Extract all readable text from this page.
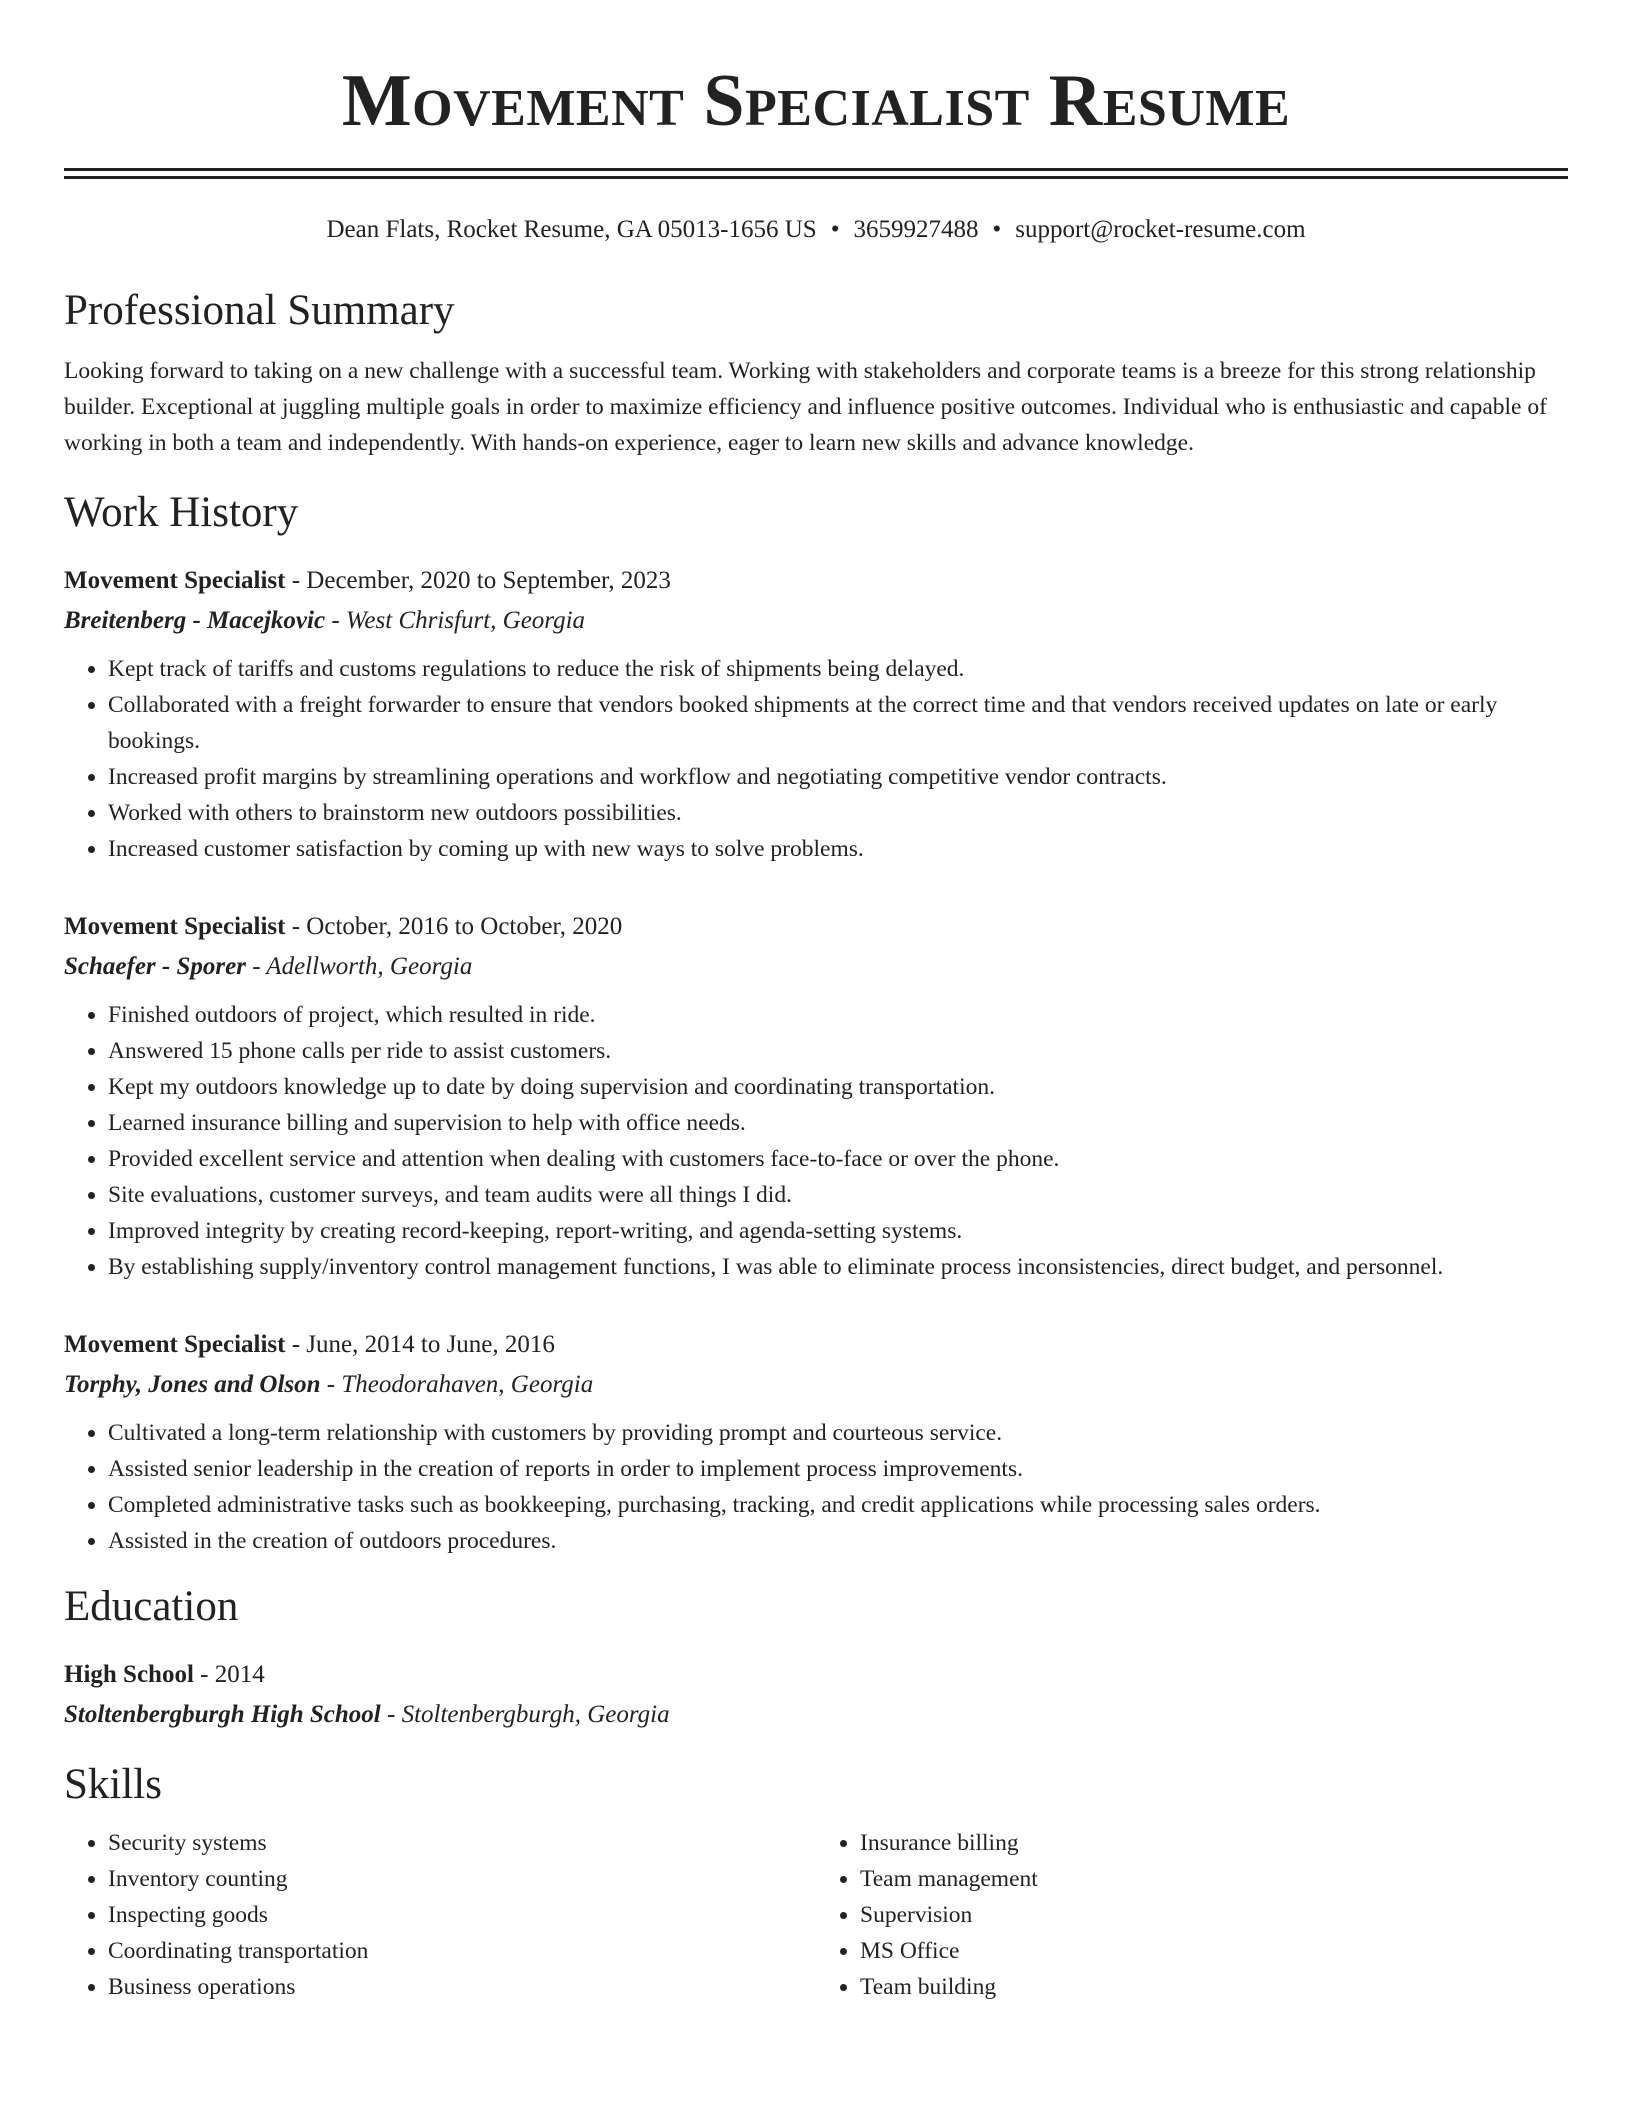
Movement Specialist Resume
Dean Flats, Rocket Resume, GA 05013-1656 US • 3659927488 • support@rocket-resume.com
Professional Summary

Looking forward to taking on a new challenge with a successful team. Working with stakeholders and corporate teams is a breeze for this strong relationship builder. Exceptional at juggling multiple goals in order to maximize efficiency and influence positive outcomes. Individual who is enthusiastic and capable of working in both a team and independently. With hands-on experience, eager to learn new skills and advance knowledge.

Work History
Movement Specialist - December, 2020 to September, 2023
Breitenberg - Macejkovic - West Chrisfurt, Georgia
• Kept track of tariffs and customs regulations to reduce the risk of shipments being delayed.
• Collaborated with a freight forwarder to ensure that vendors booked shipments at the correct time and that vendors received updates on late or early bookings.
• Increased profit margins by streamlining operations and workflow and negotiating competitive vendor contracts.
• Worked with others to brainstorm new outdoors possibilities.
• Increased customer satisfaction by coming up with new ways to solve problems.
Movement Specialist - October, 2016 to October, 2020
Schaefer - Sporer - Adellworth, Georgia
• Finished outdoors of project, which resulted in ride.
• Answered 15 phone calls per ride to assist customers.
• Kept my outdoors knowledge up to date by doing supervision and coordinating transportation.
• Learned insurance billing and supervision to help with office needs.
• Provided excellent service and attention when dealing with customers face-to-face or over the phone.
• Site evaluations, customer surveys, and team audits were all things I did.
• Improved integrity by creating record-keeping, report-writing, and agenda-setting systems.
• By establishing supply/inventory control management functions, I was able to eliminate process inconsistencies, direct budget, and personnel.
Movement Specialist - June, 2014 to June, 2016
Torphy, Jones and Olson - Theodorahaven, Georgia
• Cultivated a long-term relationship with customers by providing prompt and courteous service.
• Assisted senior leadership in the creation of reports in order to implement process improvements.
• Completed administrative tasks such as bookkeeping, purchasing, tracking, and credit applications while processing sales orders.
• Assisted in the creation of outdoors procedures.
Education
High School - 2014
Stoltenbergburgh High School - Stoltenbergburgh, Georgia
Skills
• Security systems
• Inventory counting
• Inspecting goods
• Coordinating transportation
• Business operations
• Insurance billing
• Team management
• Supervision
• MS Office
• Team building
